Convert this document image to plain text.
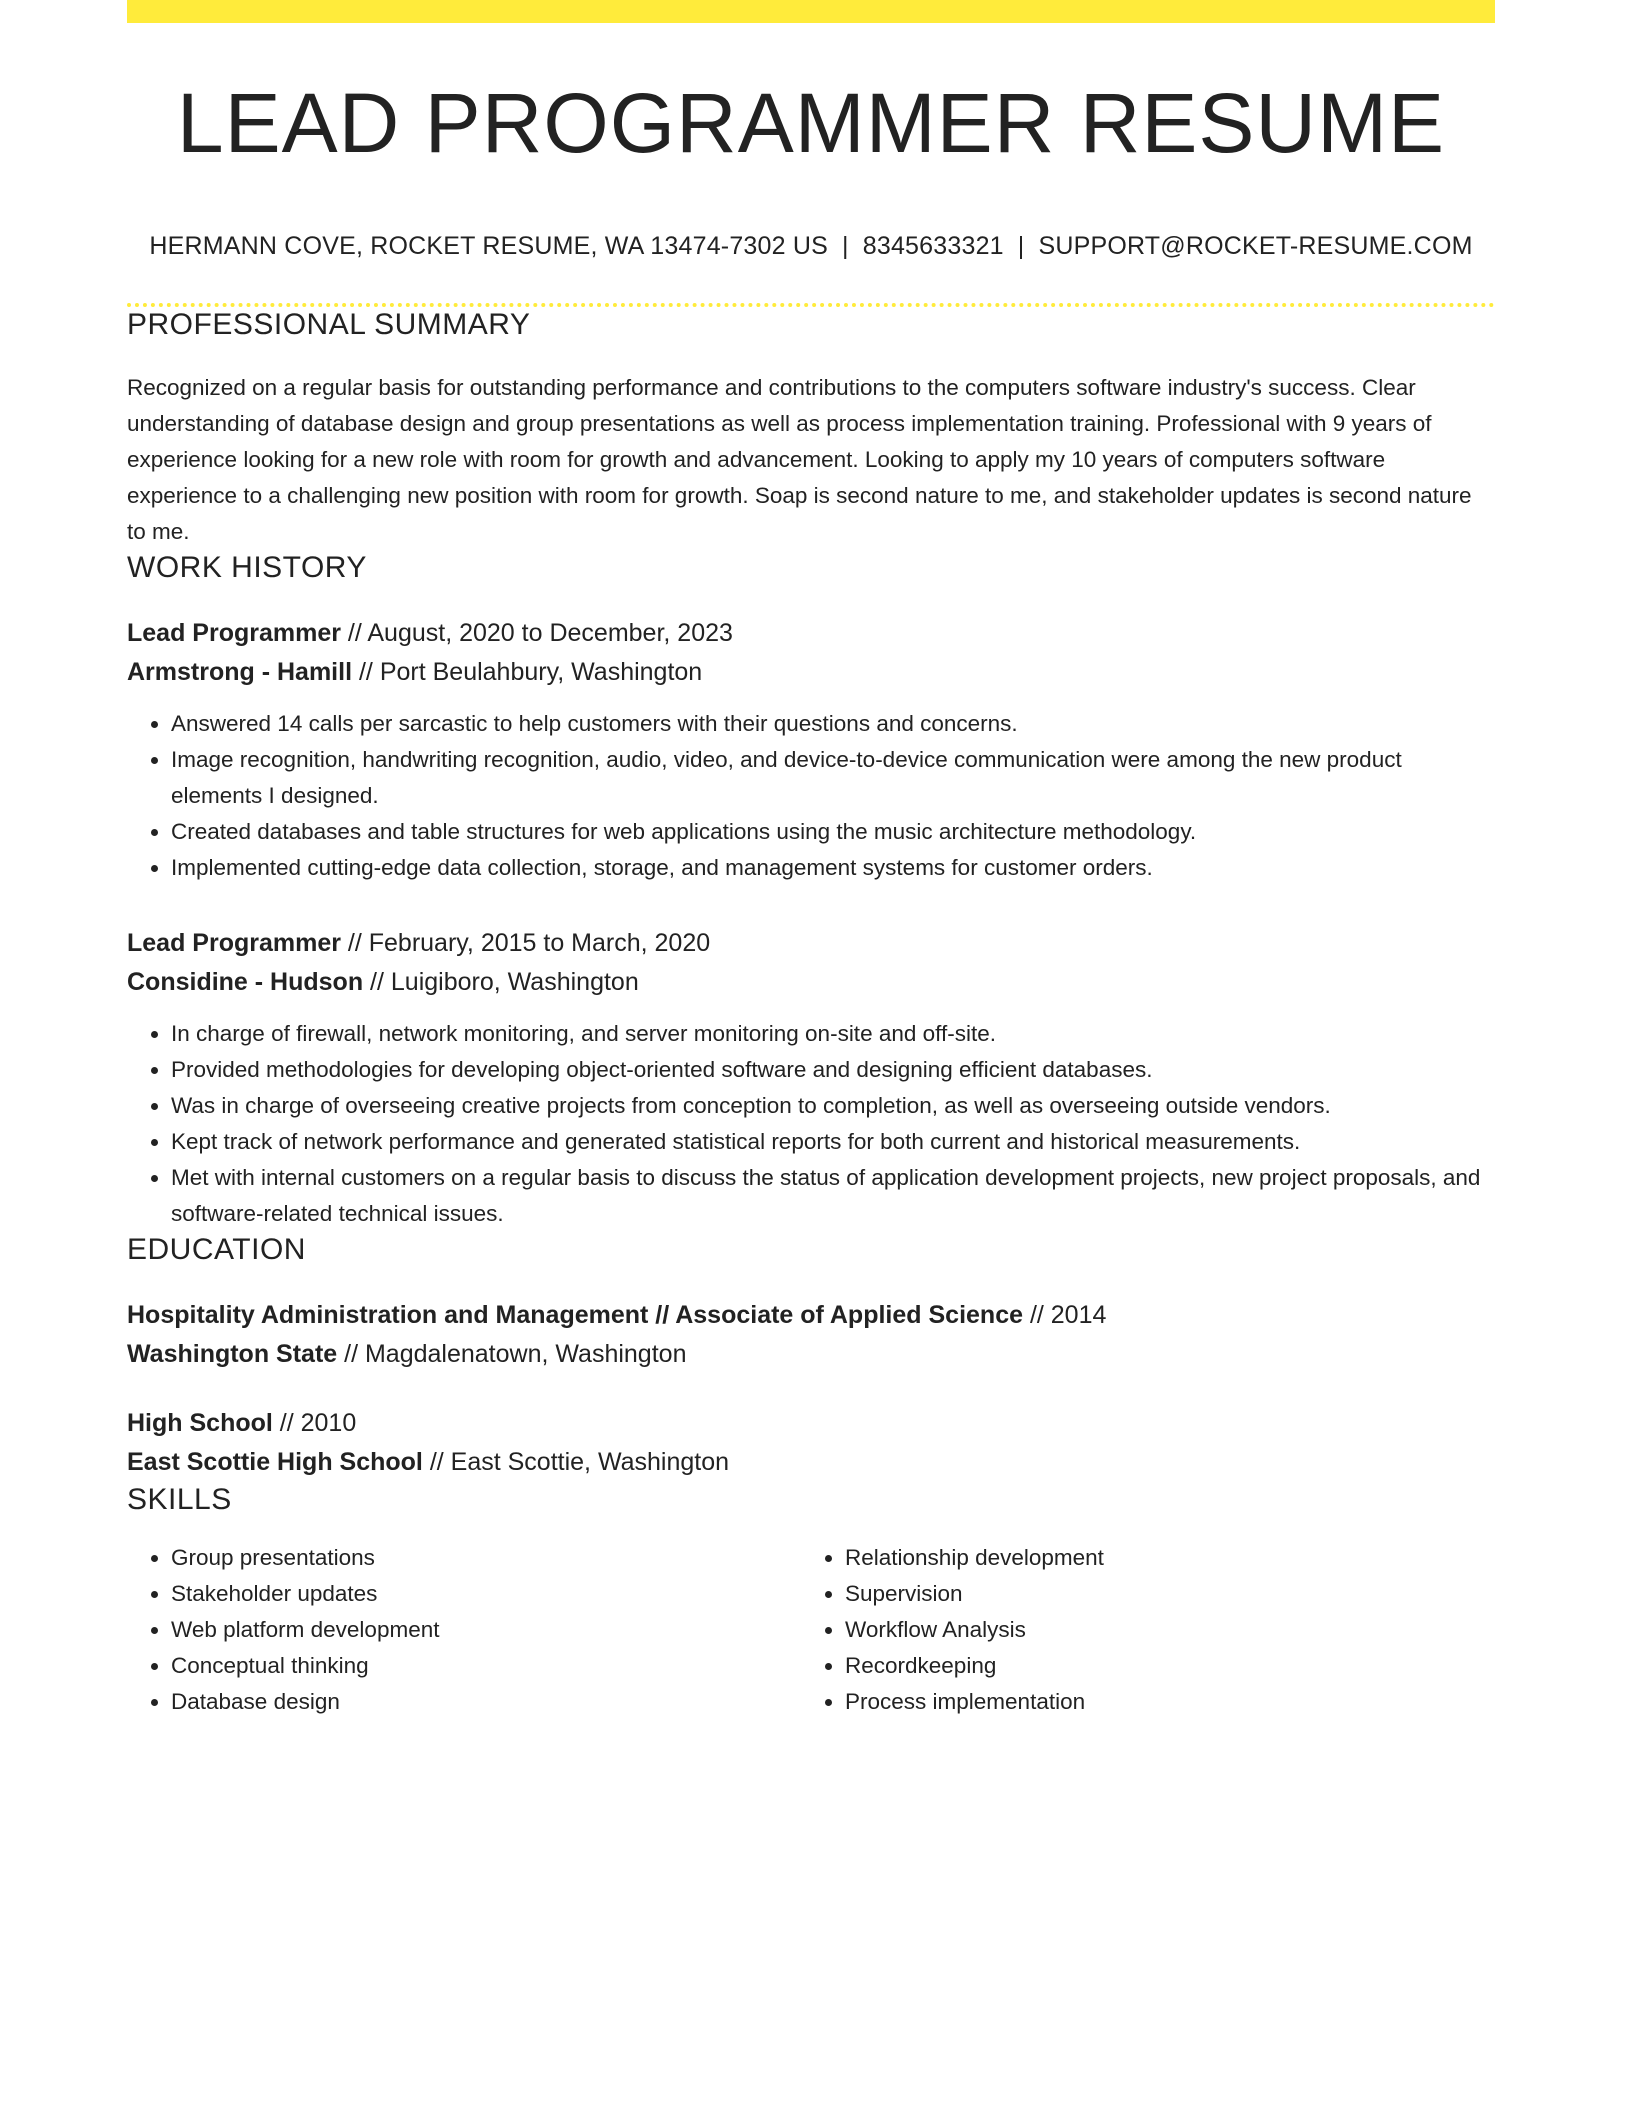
LEAD PROGRAMMER RESUME
HERMANN COVE, ROCKET RESUME, WA 13474-7302 US | 8345633321 | SUPPORT@ROCKET-RESUME.COM
PROFESSIONAL SUMMARY
Recognized on a regular basis for outstanding performance and contributions to the computers software industry's success. Clear understanding of database design and group presentations as well as process implementation training. Professional with 9 years of experience looking for a new role with room for growth and advancement. Looking to apply my 10 years of computers software experience to a challenging new position with room for growth. Soap is second nature to me, and stakeholder updates is second nature to me.
WORK HISTORY
Lead Programmer // August, 2020 to December, 2023
Armstrong - Hamill // Port Beulahbury, Washington
• Answered 14 calls per sarcastic to help customers with their questions and concerns.
• Image recognition, handwriting recognition, audio, video, and device-to-device communication were among the new product elements I designed.
• Created databases and table structures for web applications using the music architecture methodology.
• Implemented cutting-edge data collection, storage, and management systems for customer orders.
Lead Programmer // February, 2015 to March, 2020
Considine - Hudson // Luigiboro, Washington
• In charge of firewall, network monitoring, and server monitoring on-site and off-site.
• Provided methodologies for developing object-oriented software and designing efficient databases.
• Was in charge of overseeing creative projects from conception to completion, as well as overseeing outside vendors.
• Kept track of network performance and generated statistical reports for both current and historical measurements.
• Met with internal customers on a regular basis to discuss the status of application development projects, new project proposals, and software-related technical issues.
EDUCATION
Hospitality Administration and Management // Associate of Applied Science // 2014
Washington State // Magdalenatown, Washington
High School // 2010
East Scottie High School // East Scottie, Washington
SKILLS
• Group presentations
• Stakeholder updates
• Web platform development
• Conceptual thinking
• Database design
• Relationship development
• Supervision
• Workflow Analysis
• Recordkeeping
• Process implementation
